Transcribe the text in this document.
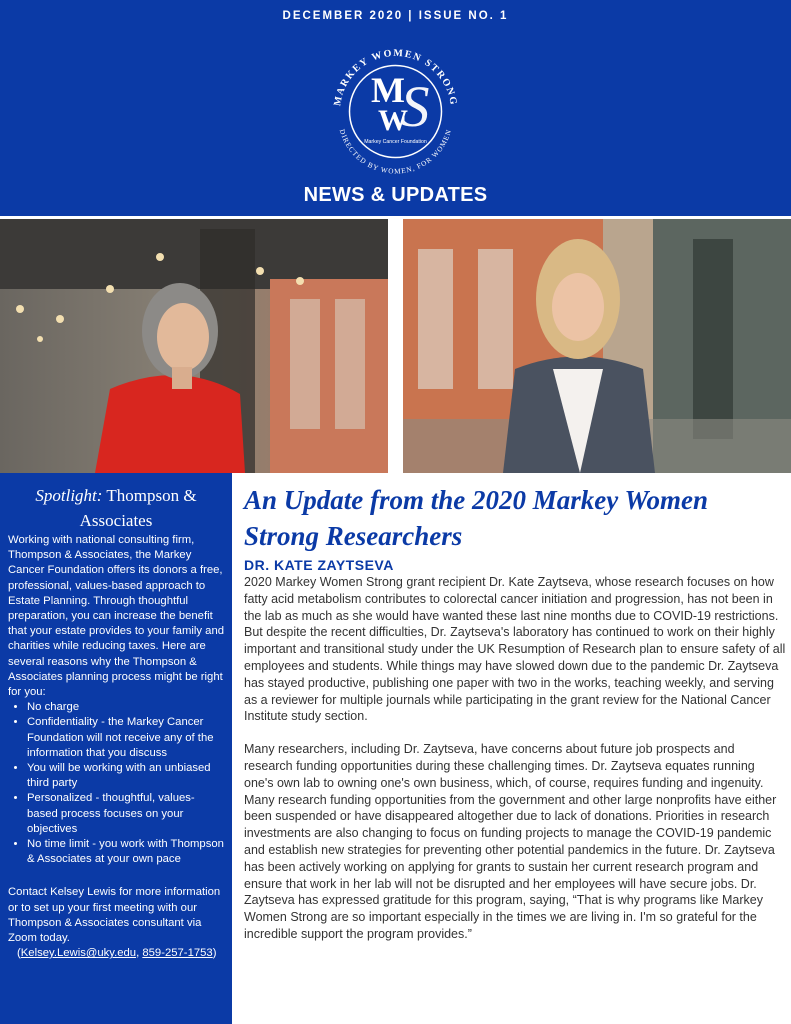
DECEMBER 2020 | ISSUE NO. 1
MARKEY WOMEN STRONG
DIRECTED BY WOMEN, FOR WOMEN
M
W
S
Markey Cancer Foundation
NEWS & UPDATES
Spotlight: Thompson & Associates

Working with national consulting firm, Thompson & Associates, the Markey Cancer Foundation offers its donors a free, professional, values-based approach to Estate Planning. Through thoughtful preparation, you can increase the benefit that your estate provides to your family and charities while reducing taxes. Here are several reasons why the Thompson & Associates planning process might be right for you:

• No charge
• Confidentiality - the Markey Cancer Foundation will not receive any of the information that you discuss
• You will be working with an unbiased third party
• Personalized - thoughtful, values-based process focuses on your objectives
• No time limit - you work with Thompson & Associates at your own pace

Contact Kelsey Lewis for more information or to set up your first meeting with our Thompson & Associates consultant via Zoom today.

(Kelsey.Lewis@uky.edu, 859-257-1753)
An Update from the 2020 Markey Women Strong Researchers
DR. KATE ZAYTSEVA

2020 Markey Women Strong grant recipient Dr. Kate Zaytseva, whose research focuses on how fatty acid metabolism contributes to colorectal cancer initiation and progression, has not been in the lab as much as she would have wanted these last nine months due to COVID-19 restrictions. But despite the recent difficulties, Dr. Zaytseva's laboratory has continued to work on their highly important and transitional study under the UK Resumption of Research plan to ensure safety of all employees and students. While things may have slowed down due to the pandemic Dr. Zaytseva has stayed productive, publishing one paper with two in the works, teaching weekly, and serving as a reviewer for multiple journals while participating in the grant review for the National Cancer Institute study section.

Many researchers, including Dr. Zaytseva, have concerns about future job prospects and research funding opportunities during these challenging times. Dr. Zaytseva equates running one's own lab to owning one's own business, which, of course, requires funding and ingenuity. Many research funding opportunities from the government and other large nonprofits have either been suspended or have disappeared altogether due to lack of donations. Priorities in research investments are also changing to focus on funding projects to manage the COVID-19 pandemic and establish new strategies for preventing other potential pandemics in the future. Dr. Zaytseva has been actively working on applying for grants to sustain her current research program and ensure that work in her lab will not be disrupted and her employees will have secure jobs. Dr. Zaytseva has expressed gratitude for this program, saying, “That is why programs like Markey Women Strong are so important especially in the times we are living in. I'm so grateful for the incredible support the program provides.”
